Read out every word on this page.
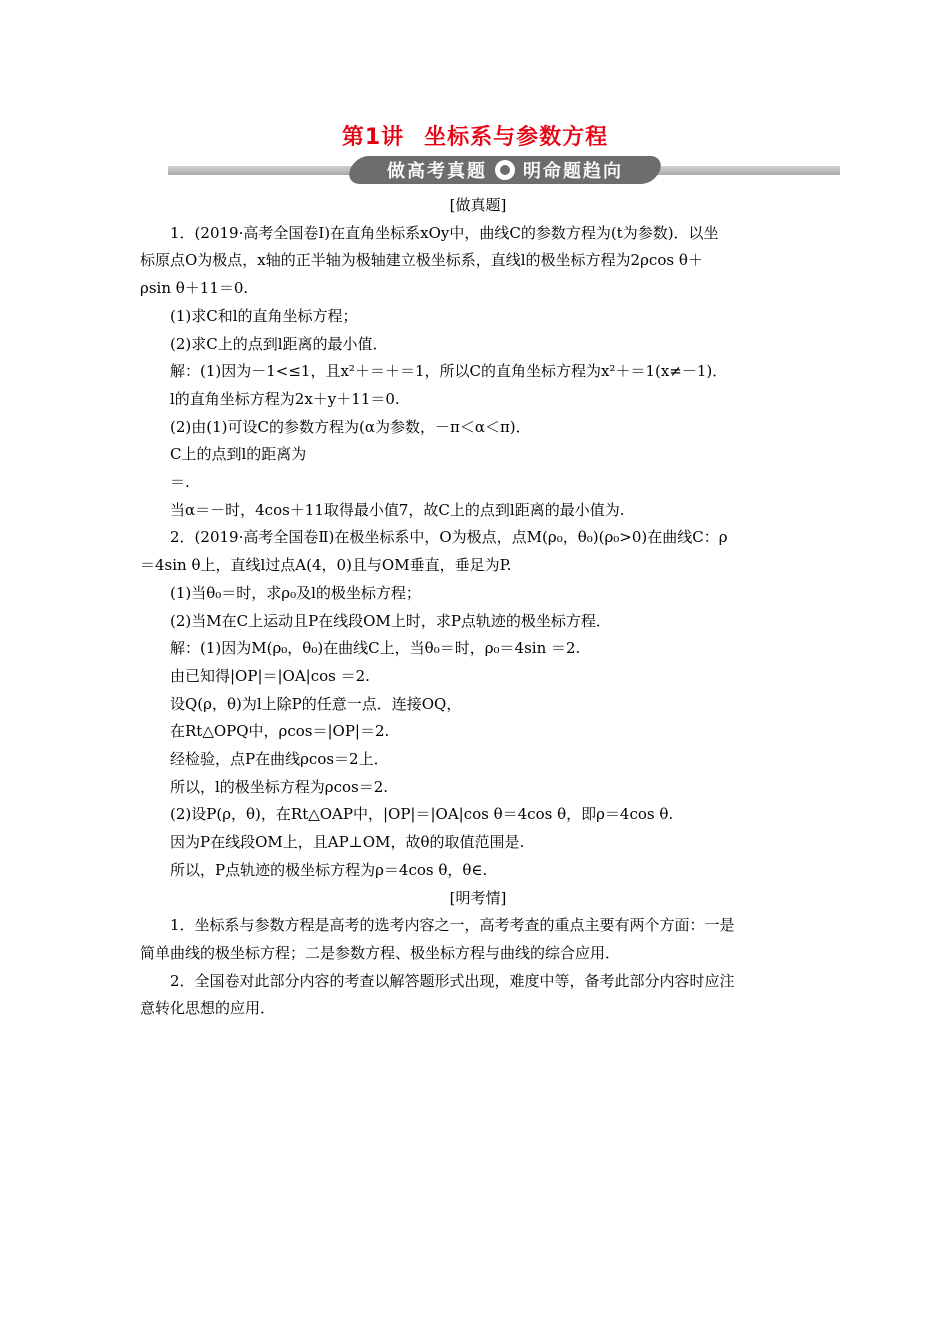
第1讲 坐标系与参数方程
做高考真题 明命题趋向

[做真题]

1．(2019·高考全国卷Ⅰ)在直角坐标系xOy中，曲线C的参数方程为(t为参数)．以坐

标原点O为极点，x轴的正半轴为极轴建立极坐标系，直线l的极坐标方程为2ρcos θ＋

ρsin θ＋11＝0.

(1)求C和l的直角坐标方程；

(2)求C上的点到l距离的最小值．

解：(1)因为－1<≤1，且x²＋＝＋＝1，所以C的直角坐标方程为x²＋＝1(x≠－1)．

l的直角坐标方程为2x＋y＋11＝0.

(2)由(1)可设C的参数方程为(α为参数，－π＜α＜π)．

C上的点到l的距离为

＝.

当α＝－时，4cos＋11取得最小值7，故C上的点到l距离的最小值为.

2．(2019·高考全国卷Ⅱ)在极坐标系中，O为极点，点M(ρ₀，θ₀)(ρ₀>0)在曲线C：ρ

＝4sin θ上，直线l过点A(4，0)且与OM垂直，垂足为P.

(1)当θ₀＝时，求ρ₀及l的极坐标方程；

(2)当M在C上运动且P在线段OM上时，求P点轨迹的极坐标方程．

解：(1)因为M(ρ₀，θ₀)在曲线C上，当θ₀＝时，ρ₀＝4sin ＝2.

由已知得|OP|＝|OA|cos ＝2.

设Q(ρ，θ)为l上除P的任意一点．连接OQ，

在Rt△OPQ中，ρcos＝|OP|＝2.

经检验，点P在曲线ρcos＝2上．

所以，l的极坐标方程为ρcos＝2.

(2)设P(ρ，θ)，在Rt△OAP中，|OP|＝|OA|cos θ＝4cos θ，即ρ＝4cos θ.

因为P在线段OM上，且AP⊥OM，故θ的取值范围是.

所以，P点轨迹的极坐标方程为ρ＝4cos θ，θ∈.

[明考情]

1．坐标系与参数方程是高考的选考内容之一，高考考查的重点主要有两个方面：一是

简单曲线的极坐标方程；二是参数方程、极坐标方程与曲线的综合应用．

2．全国卷对此部分内容的考查以解答题形式出现，难度中等，备考此部分内容时应注

意转化思想的应用．
